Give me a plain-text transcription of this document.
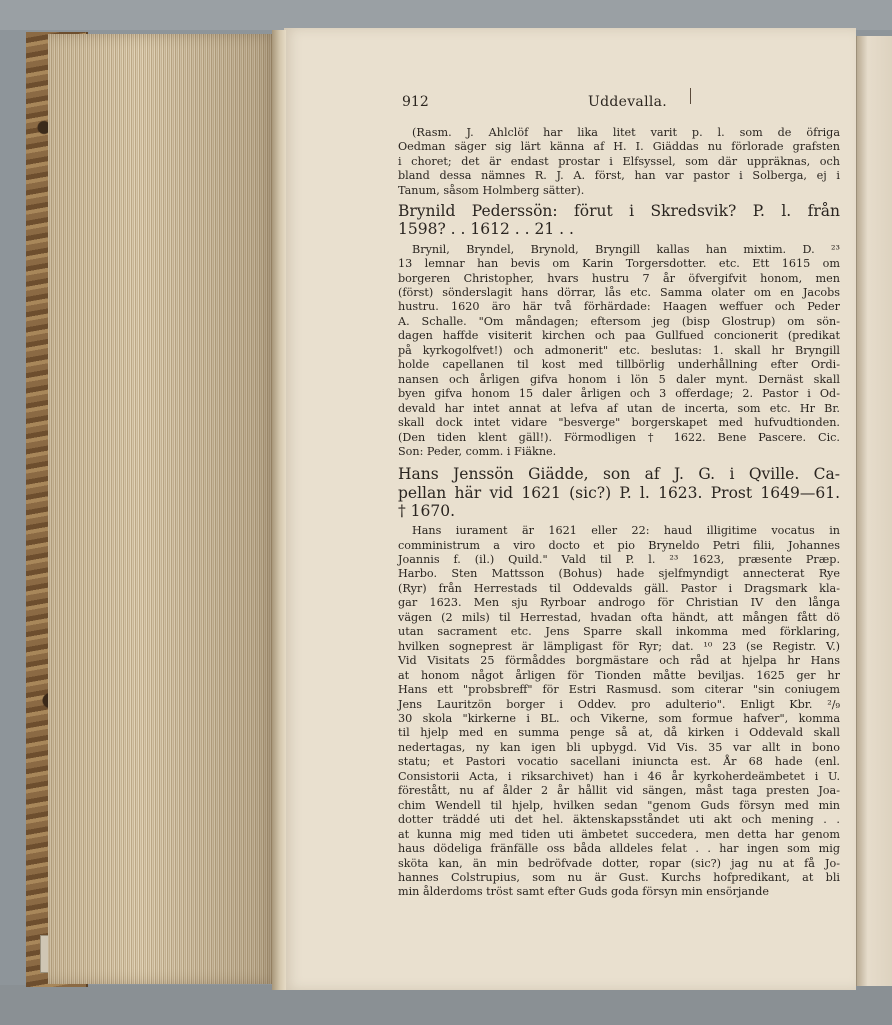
912	Uddevalla.
(Rasm. J. Ahlclöf har lika litet varit p. l. som de öfriga
Oedman säger sig lärt känna af H. I. Giäddas nu förlorade grafsten
i choret; det är endast prostar i Elfsyssel, som där uppräknas, och
bland dessa nämnes R. J. A. först, han var pastor i Solberga, ej i
Tanum, såsom Holmberg sätter).
Brynild Pederssön: förut i Skredsvik? P. l. från
1598? . . 1612 . . 21 . .
Brynil, Bryndel, Brynold, Bryngill kallas han mixtim. D. ²³
13 lemnar han bevis om Karin Torgersdotter. etc. Ett 1615 om
borgeren Christopher, hvars hustru 7 år öfvergifvit honom, men
(först) sönderslagit hans dörrar, lås etc. Samma olater om en Jacobs
hustru. 1620 äro här två förhärdade: Haagen weffuer och Peder
A. Schalle. "Om måndagen; eftersom jeg (bisp Glostrup) om sön-
dagen haffde visiterit kirchen och paa Gullfued concionerit (predikat
på kyrkogolfvet!) och admonerit" etc. beslutas: 1. skall hr Bryngill
holde capellanen til kost med tillbörlig underhållning efter Ordi-
nansen och årligen gifva honom i lön 5 daler mynt. Dernäst skall
byen gifva honom 15 daler årligen och 3 offerdage; 2. Pastor i Od-
devald har intet annat at lefva af utan de incerta, som etc. Hr Br.
skall dock intet vidare "besverge" borgerskapet med hufvudtionden.
(Den tiden klent gäll!). Förmodligen † 1622. Bene Pascere. Cic.
Son: Peder, comm. i Fiäkne.
Hans Jenssön Giädde, son af J. G. i Qville. Ca-
pellan här vid 1621 (sic?) P. l. 1623. Prost 1649—61.
† 1670.
Hans iurament är 1621 eller 22: haud illigitime vocatus in
comministrum a viro docto et pio Bryneldo Petri filii, Johannes
Joannis f. (il.) Quild." Vald til P. l. ²³ 1623, præsente Præp.
Harbo. Sten Mattsson (Bohus) hade sjelfmyndigt annecterat Rye
(Ryr) från Herrestads til Oddevalds gäll. Pastor i Dragsmark kla-
gar 1623. Men sju Ryrboar androgo för Christian IV den långa
vägen (2 mils) til Herrestad, hvadan ofta händt, att mången fått dö
utan sacrament etc. Jens Sparre skall inkomma med förklaring,
hvilken sogneprest är lämpligast för Ryr; dat. ¹⁰ 23 (se Registr. V.)
Vid Visitats 25 förmåddes borgmästare och råd at hjelpa hr Hans
at honom något årligen för Tionden måtte beviljas. 1625 ger hr
Hans ett "probsbreff" för Estri Rasmusd. som citerar "sin coniugem
Jens Lauritzön borger i Oddev. pro adulterio". Enligt Kbr. ²/₉
30 skola "kirkerne i BL. och Vikerne, som formue hafver", komma
til hjelp med en summa penge så at, då kirken i Oddevald skall
nedertagas, ny kan igen bli upbygd. Vid Vis. 35 var allt in bono
statu; et Pastori vocatio sacellani iniuncta est. År 68 hade (enl.
Consistorii Acta, i riksarchivet) han i 46 år kyrkoherdeämbetet i U.
förestått, nu af ålder 2 år hållit vid sängen, måst taga presten Joa-
chim Wendell til hjelp, hvilken sedan "genom Guds försyn med min
dotter träddé uti det hel. äktenskapsståndet uti akt och mening . .
at kunna mig med tiden uti ämbetet succedera, men detta har genom
haus dödeliga fränfälle oss båda alldeles felat . . har ingen som mig
sköta kan, än min bedröfvade dotter, ropar (sic?) jag nu at få Jo-
hannes Colstrupius, som nu är Gust. Kurchs hofpredikant, at bli
min ålderdoms tröst samt efter Guds goda försyn min ensörjande
